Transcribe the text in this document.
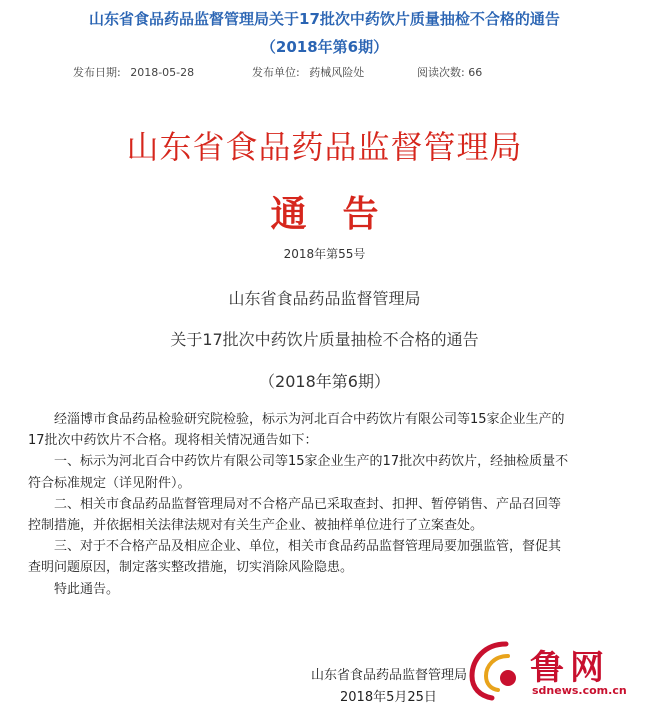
山东省食品药品监督管理局关于17批次中药饮片质量抽检不合格的通告
（2018年第6期）
发布日期: 2018-05-28	发布单位: 药械风险处	阅读次数: 66
山东省食品药品监督管理局
通　告
2018年第55号
山东省食品药品监督管理局
关于17批次中药饮片质量抽检不合格的通告
（2018年第6期）

　　经淄博市食品药品检验研究院检验，标示为河北百合中药饮片有限公司等15家企业生产的

17批次中药饮片不合格。现将相关情况通告如下：

　　一、标示为河北百合中药饮片有限公司等15家企业生产的17批次中药饮片，经抽检质量不

符合标准规定（详见附件）。

　　二、相关市食品药品监督管理局对不合格产品已采取查封、扣押、暂停销售、产品召回等

控制措施，并依据相关法律法规对有关生产企业、被抽样单位进行了立案查处。

　　三、对于不合格产品及相应企业、单位，相关市食品药品监督管理局要加强监管，督促其

查明问题原因，制定落实整改措施，切实消除风险隐患。

　　特此通告。

山东省食品药品监督管理局
2018年5月25日
鲁网
sdnews.com.cn
